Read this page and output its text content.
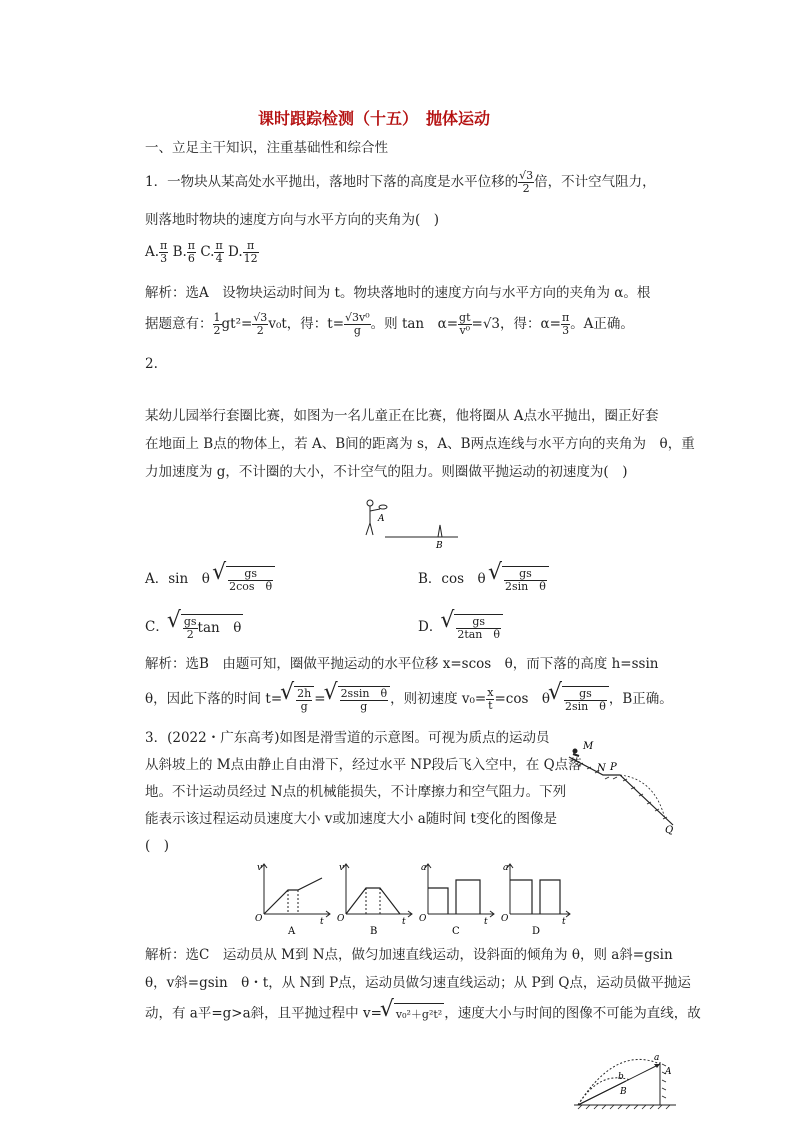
课时跟踪检测（十五）　抛体运动
一、立足主干知识，注重基础性和综合性
1．一物块从某高处水平抛出，落地时下落的高度是水平位移的 $\frac{√3}{2}$ 倍，不计空气阻力，
则落地时物块的速度方向与水平方向的夹角为(　)
A. $\frac{\pi}{3} B$. $\frac{\pi}{6} C$. $\frac{\pi}{4} D$. $\frac{\pi}{12}$
解析：选A　设物块运动时间为 t。物块落地时的速度方向与水平方向的夹角为 α。根
据题意有： $\frac{1}{2} gt^2= \frac{√3}{2} v_0t$，得：$t= \frac{\text{√3v⁰}}{g}$ 。则 tan　$\alpha= \frac{gt}{\text{v⁰}} =√3$，得：$\alpha= \frac{\pi}{3}$ 。A正确。
2.
某幼儿园举行套圈比赛，如图为一名儿童正在比赛，他将圈从 A点水平抛出，圈正好套
在地面上 B点的物体上，若 A、B间的距离为 s，A、B两点连线与水平方向的夹角为　θ，重
力加速度为 g，不计圈的大小，不计空气的阻力。则圈做平抛运动的初速度为(　)
A
B
A．sin　θ √ $\frac{gs}{\text{2cos　θ}}$	B．cos　θ √ $\frac{gs}{\text{2sin　θ}}$
C． √ $\frac{gs}{2}$ tan　θ	D． √ $\frac{gs}{\text{2tan　θ}}$
解析：选B　由题可知，圈做平抛运动的水平位移 x=scos　θ，而下落的高度 h=ssin
θ，因此下落的时间 t= √ $\frac{2h}{g}$ = √ $\frac{\text{2ssin　θ}}{g}$ ，则初速度 $v_0= \frac{x}{t} =\cos$　θ √ $\frac{gs}{\text{2sin　θ}}$ ，B正确。
3．(2022・广东高考)如图是滑雪道的示意图。可视为质点的运动员
从斜坡上的 M点由静止自由滑下，经过水平 NP段后飞入空中，在 Q点落
地。不计运动员经过 N点的机械能损失，不计摩擦力和空气阻力。下列
能表示该过程运动员速度大小 v或加速度大小 a随时间 t变化的图像是
(　)
M
N P
Q
v
t
O
A
v
t
O
B
a
t
O
C
a
t
O
D
解析：选C　运动员从 M到 N点，做匀加速直线运动，设斜面的倾角为 θ，则 a斜=gsin
θ，v斜=gsin　θ・t，从 N到 P点，运动员做匀速直线运动；从 P到 Q点，运动员做平抛运
动，有 a平=g>a斜，且平抛过程中 v= √ v₀²＋g²t² ，速度大小与时间的图像不可能为直线，故
a
A
b
B
